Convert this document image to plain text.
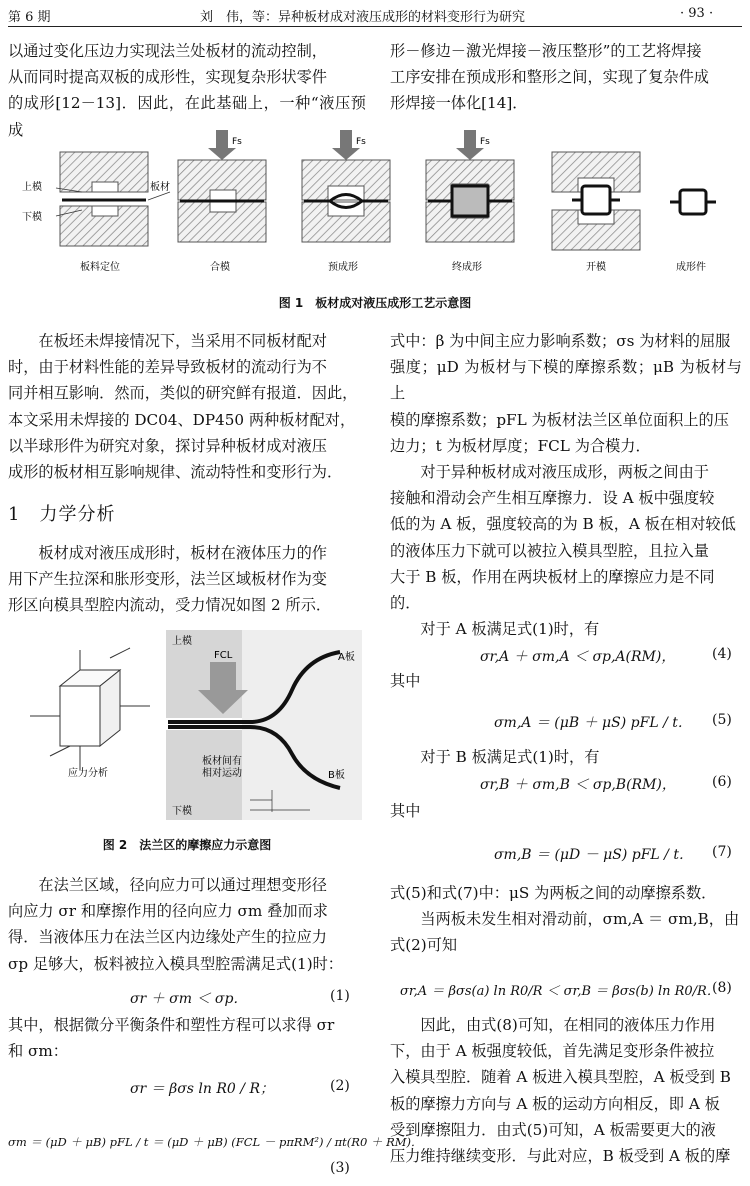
第 6 期	刘　伟，等：异种板材成对液压成形的材料变形行为研究	· 93 ·

以通过变化压边力实现法兰处板材的流动控制，

从而同时提高双板的成形性，实现复杂形状零件

的成形[12－13]．因此，在此基础上，一种“液压预成

形－修边－激光焊接－液压整形”的工艺将焊接

工序安排在预成形和整形之间，实现了复杂件成

形焊接一体化[14]．

上模
下模
板材
Fs	Fs	Fs
板料定位	合模	预成形	终成形	开模	成形件
图 1　板材成对液压成形工艺示意图

在板坯未焊接情况下，当采用不同板材配对

时，由于材料性能的差异导致板材的流动行为不

同并相互影响．然而，类似的研究鲜有报道．因此，

本文采用未焊接的 DC04、DP450 两种板材配对，

以半球形件为研究对象，探讨异种板材成对液压

成形的板材相互影响规律、流动特性和变形行为．

1　力学分析

板材成对液压成形时，板材在液体压力的作

用下产生拉深和胀形变形，法兰区域板材作为变

形区向模具型腔内流动，受力情况如图 2 所示．

应力分析
上模
下模
FCL	A板
B板
板材间有
相对运动
图 2　法兰区的摩擦应力示意图

在法兰区域，径向应力可以通过理想变形径

向应力 σr 和摩擦作用的径向应力 σm 叠加而求

得．当液体压力在法兰区内边缘处产生的拉应力

σp 足够大，板料被拉入模具型腔需满足式(1)时：

σr ＋ σm ＜ σp．	(1)

其中，根据微分平衡条件和塑性方程可以求得 σr

和 σm：

σr ＝ βσs ln R0 / R；	(2)
σm ＝ (μD ＋ μB) pFL / t ＝ (μD ＋ μB) (FCL － pπRM²) / πt(R0 ＋ RM)．
(3)

式中：β 为中间主应力影响系数；σs 为材料的屈服

强度；μD 为板材与下模的摩擦系数；μB 为板材与上

模的摩擦系数；pFL 为板材法兰区单位面积上的压

边力；t 为板材厚度；FCL 为合模力．

对于异种板材成对液压成形，两板之间由于

接触和滑动会产生相互摩擦力．设 A 板中强度较

低的为 A 板，强度较高的为 B 板，A 板在相对较低

的液体压力下就可以被拉入模具型腔，且拉入量

大于 B 板，作用在两块板材上的摩擦应力是不同

的．

对于 A 板满足式(1)时，有

σr,A ＋ σm,A ＜ σp,A(RM)，	(4)
其中
σm,A ＝ (μB ＋ μS) pFL / t． (5)

对于 B 板满足式(1)时，有

σr,B ＋ σm,B ＜ σp,B(RM)，	(6)
其中
σm,B ＝ (μD － μS) pFL / t． (7)

式(5)和式(7)中：μS 为两板之间的动摩擦系数．

当两板未发生相对滑动前，σm,A ＝ σm,B，由

式(2)可知

σr,A ＝ βσs(a) ln R0/R ＜ σr,B ＝ βσs(b) ln R0/R．
(8)

因此，由式(8)可知，在相同的液体压力作用

下，由于 A 板强度较低，首先满足变形条件被拉

入模具型腔．随着 A 板进入模具型腔，A 板受到 B

板的摩擦力方向与 A 板的运动方向相反，即 A 板

受到摩擦阻力．由式(5)可知，A 板需要更大的液

压力维持继续变形．与此对应，B 板受到 A 板的摩
